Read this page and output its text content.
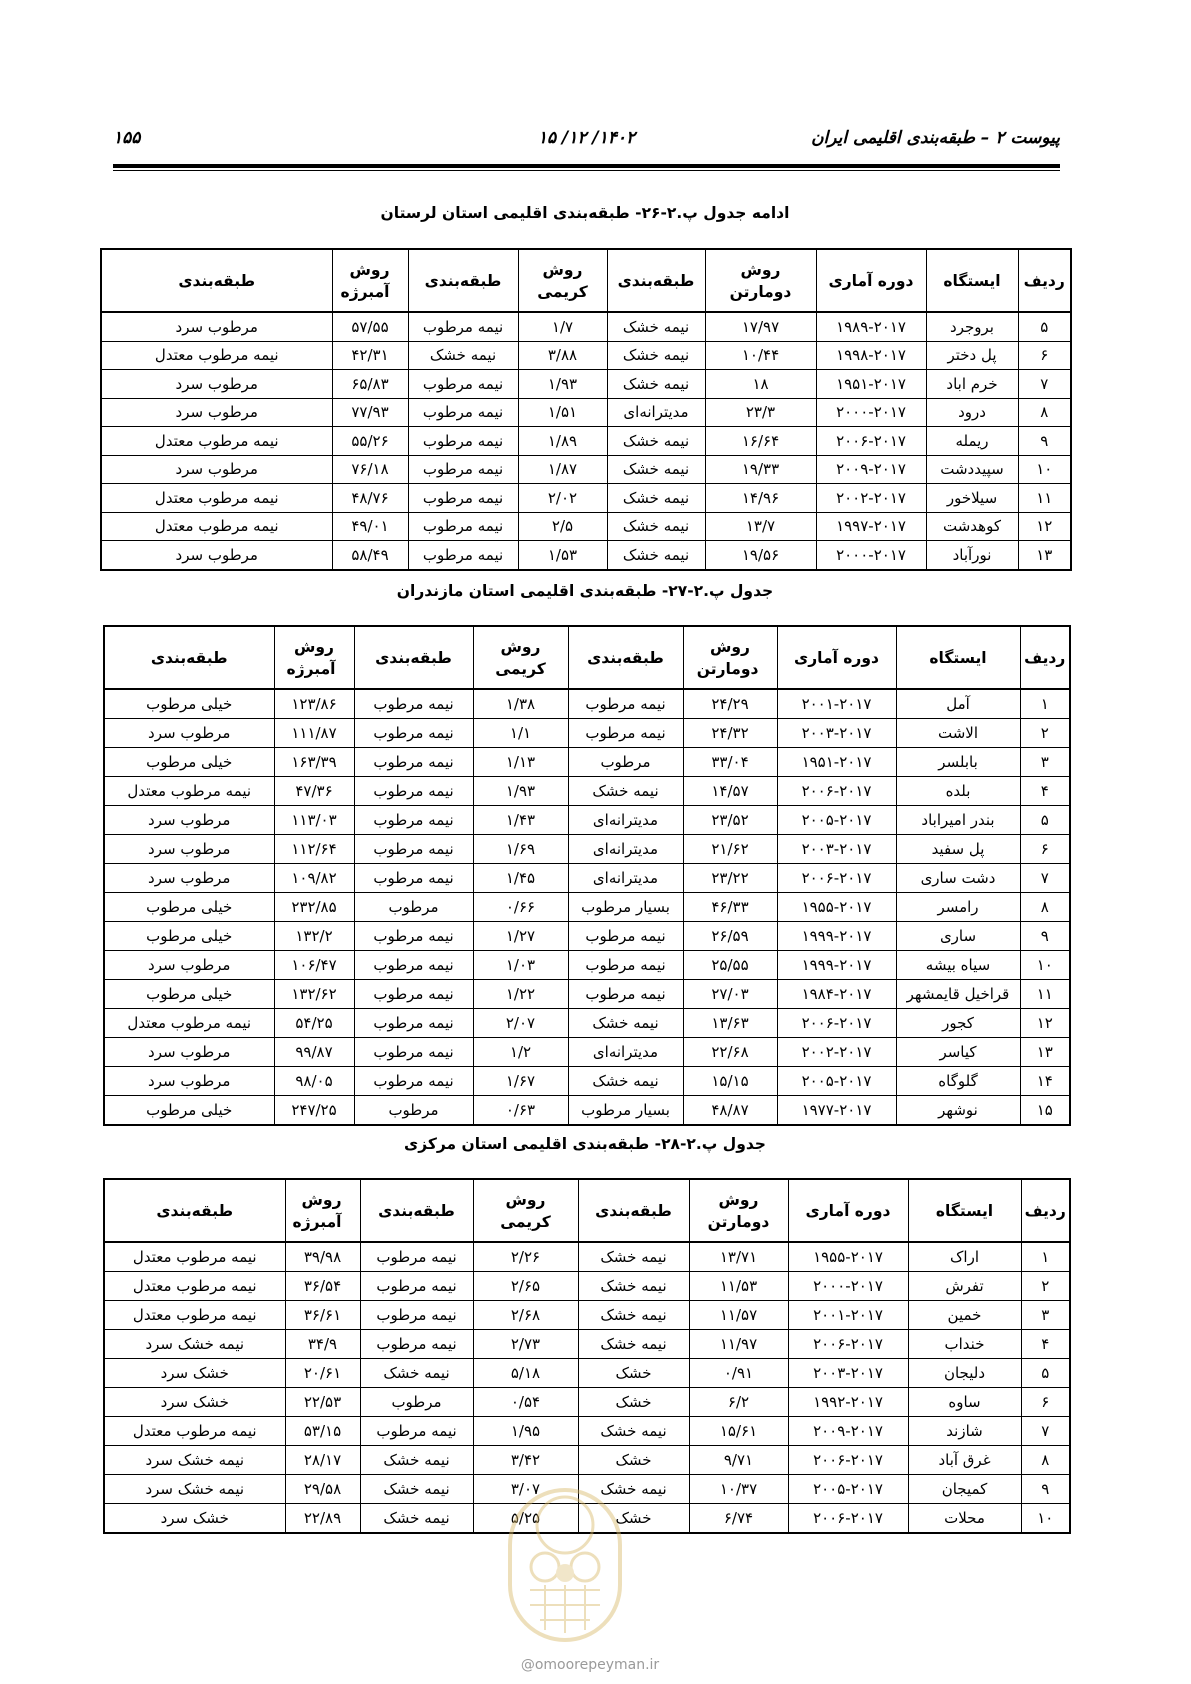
پیوست ۲ – طبقه‌بندی اقلیمی ایران
۱۴۰۲/ ۱۲/ ۱۵
۱۵۵
ادامه جدول پ.۲-۲۶- طبقه‌بندی اقلیمی استان لرستان
ردیف	ایستگاه	دوره آماری	روش دومارتن	طبقه‌بندی	روش کریمی	طبقه‌بندی	روش آمبرژه	طبقه‌بندی
۵	بروجرد	۱۹۸۹-۲۰۱۷	۱۷/۹۷	نیمه خشک	۱/۷	نیمه مرطوب	۵۷/۵۵	مرطوب سرد
۶	پل دختر	۱۹۹۸-۲۰۱۷	۱۰/۴۴	نیمه خشک	۳/۸۸	نیمه خشک	۴۲/۳۱	نیمه مرطوب معتدل
۷	خرم اباد	۱۹۵۱-۲۰۱۷	۱۸	نیمه خشک	۱/۹۳	نیمه مرطوب	۶۵/۸۳	مرطوب سرد
۸	درود	۲۰۰۰-۲۰۱۷	۲۳/۳	مدیترانه‌ای	۱/۵۱	نیمه مرطوب	۷۷/۹۳	مرطوب سرد
۹	ریمله	۲۰۰۶-۲۰۱۷	۱۶/۶۴	نیمه خشک	۱/۸۹	نیمه مرطوب	۵۵/۲۶	نیمه مرطوب معتدل
۱۰	سپیددشت	۲۰۰۹-۲۰۱۷	۱۹/۳۳	نیمه خشک	۱/۸۷	نیمه مرطوب	۷۶/۱۸	مرطوب سرد
۱۱	سیلاخور	۲۰۰۲-۲۰۱۷	۱۴/۹۶	نیمه خشک	۲/۰۲	نیمه مرطوب	۴۸/۷۶	نیمه مرطوب معتدل
۱۲	کوهدشت	۱۹۹۷-۲۰۱۷	۱۳/۷	نیمه خشک	۲/۵	نیمه مرطوب	۴۹/۰۱	نیمه مرطوب معتدل
۱۳	نورآباد	۲۰۰۰-۲۰۱۷	۱۹/۵۶	نیمه خشک	۱/۵۳	نیمه مرطوب	۵۸/۴۹	مرطوب سرد
جدول پ.۲-۲۷- طبقه‌بندی اقلیمی استان مازندران
ردیف	ایستگاه	دوره آماری	روش دومارتن	طبقه‌بندی	روش کریمی	طبقه‌بندی	روش آمبرژه	طبقه‌بندی
۱	آمل	۲۰۰۱-۲۰۱۷	۲۴/۲۹	نیمه مرطوب	۱/۳۸	نیمه مرطوب	۱۲۳/۸۶	خیلی مرطوب
۲	الاشت	۲۰۰۳-۲۰۱۷	۲۴/۳۲	نیمه مرطوب	۱/۱	نیمه مرطوب	۱۱۱/۸۷	مرطوب سرد
۳	بابلسر	۱۹۵۱-۲۰۱۷	۳۳/۰۴	مرطوب	۱/۱۳	نیمه مرطوب	۱۶۳/۳۹	خیلی مرطوب
۴	بلده	۲۰۰۶-۲۰۱۷	۱۴/۵۷	نیمه خشک	۱/۹۳	نیمه مرطوب	۴۷/۳۶	نیمه مرطوب معتدل
۵	بندر امیراباد	۲۰۰۵-۲۰۱۷	۲۳/۵۲	مدیترانه‌ای	۱/۴۳	نیمه مرطوب	۱۱۳/۰۳	مرطوب سرد
۶	پل سفید	۲۰۰۳-۲۰۱۷	۲۱/۶۲	مدیترانه‌ای	۱/۶۹	نیمه مرطوب	۱۱۲/۶۴	مرطوب سرد
۷	دشت ساری	۲۰۰۶-۲۰۱۷	۲۳/۲۲	مدیترانه‌ای	۱/۴۵	نیمه مرطوب	۱۰۹/۸۲	مرطوب سرد
۸	رامسر	۱۹۵۵-۲۰۱۷	۴۶/۳۳	بسیار مرطوب	۰/۶۶	مرطوب	۲۳۲/۸۵	خیلی مرطوب
۹	ساری	۱۹۹۹-۲۰۱۷	۲۶/۵۹	نیمه مرطوب	۱/۲۷	نیمه مرطوب	۱۳۲/۲	خیلی مرطوب
۱۰	سیاه بیشه	۱۹۹۹-۲۰۱۷	۲۵/۵۵	نیمه مرطوب	۱/۰۳	نیمه مرطوب	۱۰۶/۴۷	مرطوب سرد
۱۱	قراخیل قایمشهر	۱۹۸۴-۲۰۱۷	۲۷/۰۳	نیمه مرطوب	۱/۲۲	نیمه مرطوب	۱۳۲/۶۲	خیلی مرطوب
۱۲	کجور	۲۰۰۶-۲۰۱۷	۱۳/۶۳	نیمه خشک	۲/۰۷	نیمه مرطوب	۵۴/۲۵	نیمه مرطوب معتدل
۱۳	کیاسر	۲۰۰۲-۲۰۱۷	۲۲/۶۸	مدیترانه‌ای	۱/۲	نیمه مرطوب	۹۹/۸۷	مرطوب سرد
۱۴	گلوگاه	۲۰۰۵-۲۰۱۷	۱۵/۱۵	نیمه خشک	۱/۶۷	نیمه مرطوب	۹۸/۰۵	مرطوب سرد
۱۵	نوشهر	۱۹۷۷-۲۰۱۷	۴۸/۸۷	بسیار مرطوب	۰/۶۳	مرطوب	۲۴۷/۲۵	خیلی مرطوب
جدول پ.۲-۲۸- طبقه‌بندی اقلیمی استان مرکزی
ردیف	ایستگاه	دوره آماری	روش دومارتن	طبقه‌بندی	روش کریمی	طبقه‌بندی	روش آمبرژه	طبقه‌بندی
۱	اراک	۱۹۵۵-۲۰۱۷	۱۳/۷۱	نیمه خشک	۲/۲۶	نیمه مرطوب	۳۹/۹۸	نیمه مرطوب معتدل
۲	تفرش	۲۰۰۰-۲۰۱۷	۱۱/۵۳	نیمه خشک	۲/۶۵	نیمه مرطوب	۳۶/۵۴	نیمه مرطوب معتدل
۳	خمین	۲۰۰۱-۲۰۱۷	۱۱/۵۷	نیمه خشک	۲/۶۸	نیمه مرطوب	۳۶/۶۱	نیمه مرطوب معتدل
۴	خنداب	۲۰۰۶-۲۰۱۷	۱۱/۹۷	نیمه خشک	۲/۷۳	نیمه مرطوب	۳۴/۹	نیمه خشک سرد
۵	دلیجان	۲۰۰۳-۲۰۱۷	۰/۹۱	خشک	۵/۱۸	نیمه خشک	۲۰/۶۱	خشک سرد
۶	ساوه	۱۹۹۲-۲۰۱۷	۶/۲	خشک	۰/۵۴	مرطوب	۲۲/۵۳	خشک سرد
۷	شازند	۲۰۰۹-۲۰۱۷	۱۵/۶۱	نیمه خشک	۱/۹۵	نیمه مرطوب	۵۳/۱۵	نیمه مرطوب معتدل
۸	غرق آباد	۲۰۰۶-۲۰۱۷	۹/۷۱	خشک	۳/۴۲	نیمه خشک	۲۸/۱۷	نیمه خشک سرد
۹	کمیجان	۲۰۰۵-۲۰۱۷	۱۰/۳۷	نیمه خشک	۳/۰۷	نیمه خشک	۲۹/۵۸	نیمه خشک سرد
۱۰	محلات	۲۰۰۶-۲۰۱۷	۶/۷۴	خشک	۵/۲۵	نیمه خشک	۲۲/۸۹	خشک سرد
@omoorepeyman.ir
